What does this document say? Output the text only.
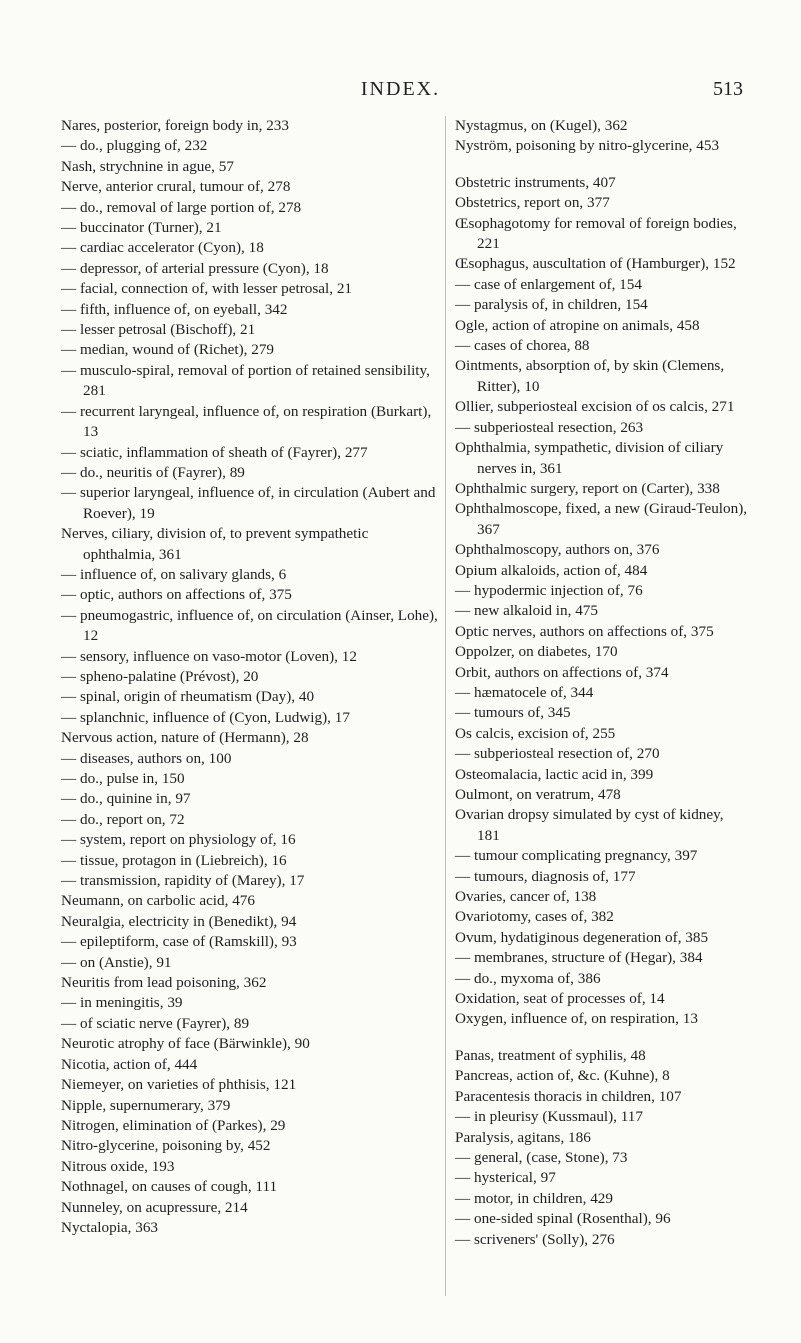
INDEX.	513

Nares, posterior, foreign body in, 233

— do., plugging of, 232

Nash, strychnine in ague, 57

Nerve, anterior crural, tumour of, 278

— do., removal of large portion of, 278

— buccinator (Turner), 21

— cardiac accelerator (Cyon), 18

— depressor, of arterial pressure (Cyon), 18

— facial, connection of, with lesser petrosal, 21

— fifth, influence of, on eyeball, 342

— lesser petrosal (Bischoff), 21

— median, wound of (Richet), 279

— musculo-spiral, removal of portion of retained sensibility, 281

— recurrent laryngeal, influence of, on respiration (Burkart), 13

— sciatic, inflammation of sheath of (Fayrer), 277

— do., neuritis of (Fayrer), 89

— superior laryngeal, influence of, in circulation (Aubert and Roever), 19

Nerves, ciliary, division of, to prevent sympathetic ophthalmia, 361

— influence of, on salivary glands, 6

— optic, authors on affections of, 375

— pneumogastric, influence of, on circulation (Ainser, Lohe), 12

— sensory, influence on vaso-motor (Loven), 12

— spheno-palatine (Prévost), 20

— spinal, origin of rheumatism (Day), 40

— splanchnic, influence of (Cyon, Ludwig), 17

Nervous action, nature of (Hermann), 28

— diseases, authors on, 100

— do., pulse in, 150

— do., quinine in, 97

— do., report on, 72

— system, report on physiology of, 16

— tissue, protagon in (Liebreich), 16

— transmission, rapidity of (Marey), 17

Neumann, on carbolic acid, 476

Neuralgia, electricity in (Benedikt), 94

— epileptiform, case of (Ramskill), 93

— on (Anstie), 91

Neuritis from lead poisoning, 362

— in meningitis, 39

— of sciatic nerve (Fayrer), 89

Neurotic atrophy of face (Bärwinkle), 90

Nicotia, action of, 444

Niemeyer, on varieties of phthisis, 121

Nipple, supernumerary, 379

Nitrogen, elimination of (Parkes), 29

Nitro-glycerine, poisoning by, 452

Nitrous oxide, 193

Nothnagel, on causes of cough, 111

Nunneley, on acupressure, 214

Nyctalopia, 363

Nystagmus, on (Kugel), 362

Nyström, poisoning by nitro-glycerine, 453

Obstetric instruments, 407

Obstetrics, report on, 377

Œsophagotomy for removal of foreign bodies, 221

Œsophagus, auscultation of (Hamburger), 152

— case of enlargement of, 154

— paralysis of, in children, 154

Ogle, action of atropine on animals, 458

— cases of chorea, 88

Ointments, absorption of, by skin (Clemens, Ritter), 10

Ollier, subperiosteal excision of os calcis, 271

— subperiosteal resection, 263

Ophthalmia, sympathetic, division of ciliary nerves in, 361

Ophthalmic surgery, report on (Carter), 338

Ophthalmoscope, fixed, a new (Giraud-Teulon), 367

Ophthalmoscopy, authors on, 376

Opium alkaloids, action of, 484

— hypodermic injection of, 76

— new alkaloid in, 475

Optic nerves, authors on affections of, 375

Oppolzer, on diabetes, 170

Orbit, authors on affections of, 374

— hæmatocele of, 344

— tumours of, 345

Os calcis, excision of, 255

— subperiosteal resection of, 270

Osteomalacia, lactic acid in, 399

Oulmont, on veratrum, 478

Ovarian dropsy simulated by cyst of kidney, 181

— tumour complicating pregnancy, 397

— tumours, diagnosis of, 177

Ovaries, cancer of, 138

Ovariotomy, cases of, 382

Ovum, hydatiginous degeneration of, 385

— membranes, structure of (Hegar), 384

— do., myxoma of, 386

Oxidation, seat of processes of, 14

Oxygen, influence of, on respiration, 13

Panas, treatment of syphilis, 48

Pancreas, action of, &c. (Kuhne), 8

Paracentesis thoracis in children, 107

— in pleurisy (Kussmaul), 117

Paralysis, agitans, 186

— general, (case, Stone), 73

— hysterical, 97

— motor, in children, 429

— one-sided spinal (Rosenthal), 96

— scriveners' (Solly), 276
